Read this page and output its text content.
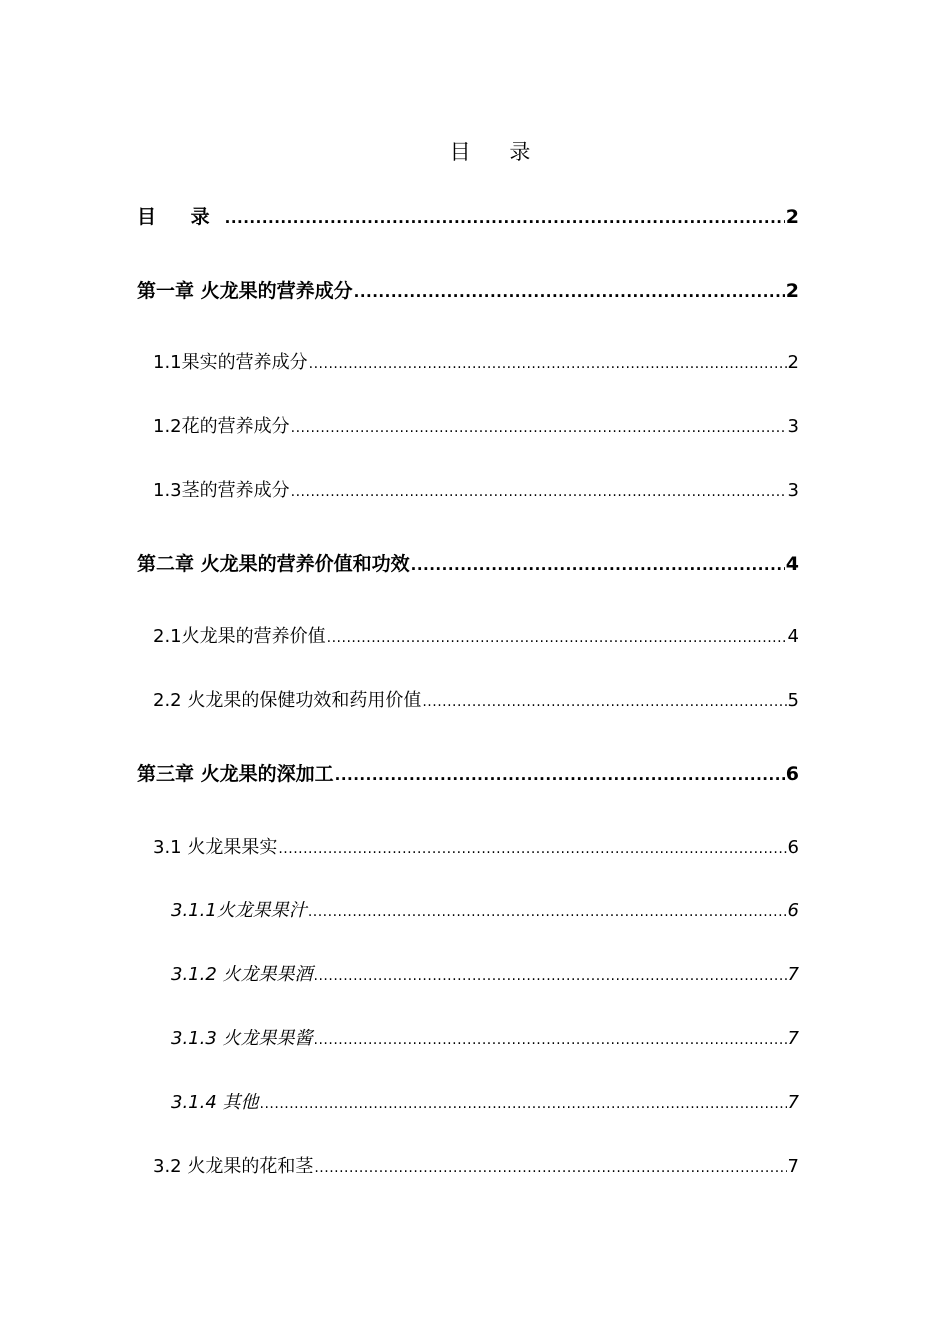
目 录
目 录 .....	2
第一章 火龙果的营养成分 .....	2
1.1果实的营养成分 .....	2
1.2花的营养成分 .....	3
1.3茎的营养成分 .....	3
第二章 火龙果的营养价值和功效 .....	4
2.1火龙果的营养价值 .....	4
2.2 火龙果的保健功效和药用价值 .....	5
第三章 火龙果的深加工 .....	6
3.1 火龙果果实 .....	6
3.1.1火龙果果汁 .....	6
3.1.2 火龙果果酒 .....	7
3.1.3 火龙果果酱 .....	7
3.1.4 其他 .....	7
3.2 火龙果的花和茎 .....	7
